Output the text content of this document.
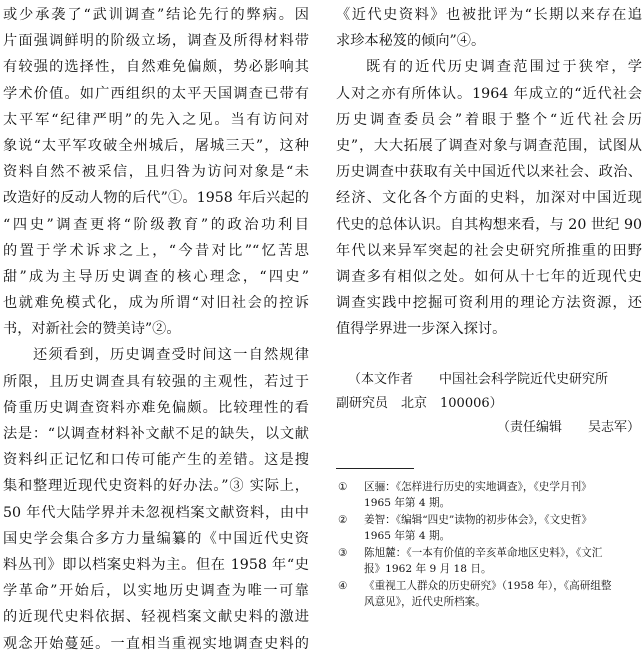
或少承袭了“武训调查”结论先行的弊病。因
片面强调鲜明的阶级立场，调查及所得材料带
有较强的选择性，自然难免偏颇，势必影响其
学术价值。如广西组织的太平天国调查已带有
太平军“纪律严明”的先入之见。当有访问对
象说“太平军攻破全州城后，屠城三天”，这种
资料自然不被采信，且归咎为访问对象是“未
改造好的反动人物的后代”①。1958 年后兴起的
“四史”调查更将“阶级教育”的政治功利目
的置于学术诉求之上，“今昔对比”“忆苦思
甜”成为主导历史调查的核心理念，“四史”
也就难免模式化，成为所谓“对旧社会的控诉
书，对新社会的赞美诗”②。
还须看到，历史调查受时间这一自然规律
所限，且历史调查具有较强的主观性，若过于
倚重历史调查资料亦难免偏颇。比较理性的看
法是：“以调查材料补文献不足的缺失，以文献
资料纠正记忆和口传可能产生的差错。这是搜
集和整理近现代史资料的好办法。”③ 实际上，
50 年代大陆学界并未忽视档案文献资料，由中
国史学会集合多方力量编纂的《中国近代史资
料丛刊》即以档案史料为主。但在 1958 年“史
学革命”开始后，以实地历史调查为唯一可靠
的近现代史料依据、轻视档案文献史料的激进
观念开始蔓延。一直相当重视实地调查史料的
《近代史资料》也被批评为“长期以来存在追
求珍本秘笈的倾向”④。
既有的近代历史调查范围过于狭窄，学
人对之亦有所体认。1964 年成立的“近代社会
历史调查委员会”着眼于整个“近代社会历
史”，大大拓展了调查对象与调查范围，试图从
历史调查中获取有关中国近代以来社会、政治、
经济、文化各个方面的史料，加深对中国近现
代史的总体认识。自其构想来看，与 20 世纪 90
年代以来异军突起的社会史研究所推重的田野
调查多有相似之处。如何从十七年的近现代史
调查实践中挖掘可资利用的理论方法资源，还
值得学界进一步深入探讨。
（本文作者　　中国社会科学院近代史研究所
副研究员　北京　100006）
（责任编辑　　吴志军）
①	区骊：《怎样进行历史的实地调查》，《史学月刊》
1965 年第 4 期。
②	姜智：《编辑“四史”读物的初步体会》，《文史哲》
1965 年第 4 期。
③	陈旭麓：《一本有价值的辛亥革命地区史料》，《文汇
报》1962 年 9 月 18 日。
④	《重视工人群众的历史研究》（1958 年），《高研组整
风意见》，近代史所档案。
